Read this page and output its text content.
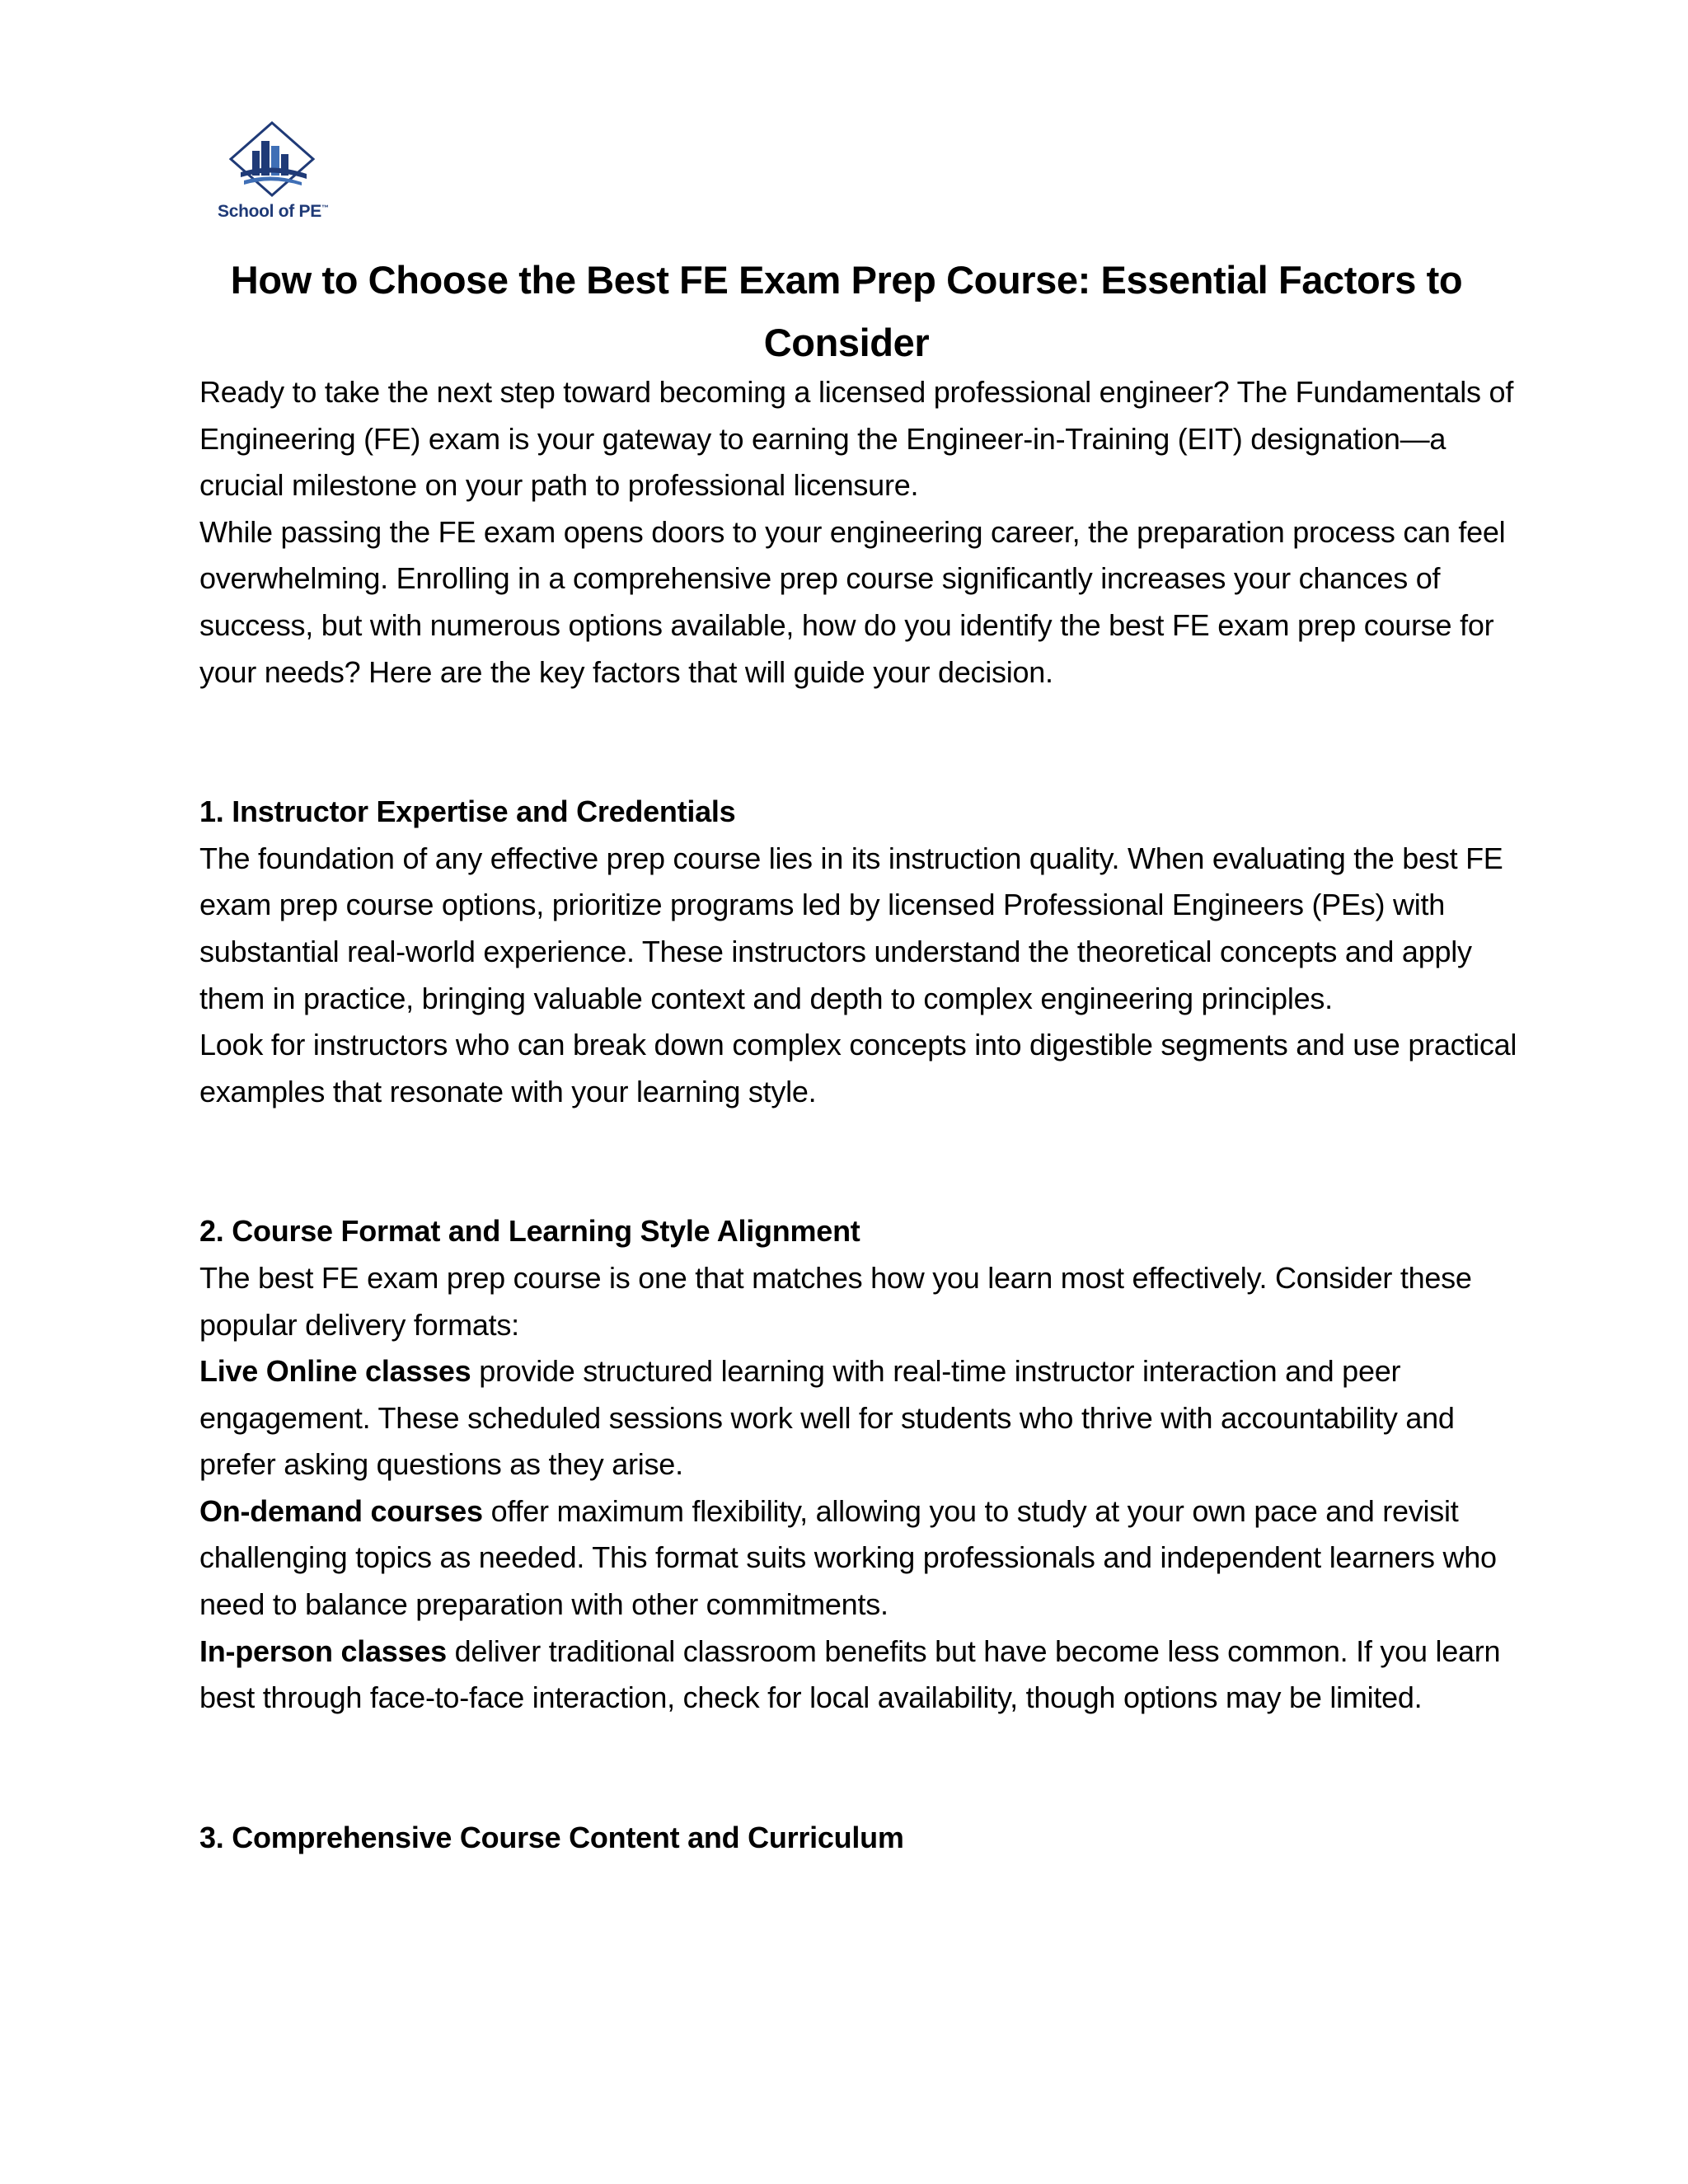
School of PE™
How to Choose the Best FE Exam Prep Course: Essential Factors to Consider

Ready to take the next step toward becoming a licensed professional engineer? The Fundamentals of Engineering (FE) exam is your gateway to earning the Engineer-in-Training (EIT) designation—a crucial milestone on your path to professional licensure.

While passing the FE exam opens doors to your engineering career, the preparation process can feel overwhelming. Enrolling in a comprehensive prep course significantly increases your chances of success, but with numerous options available, how do you identify the best FE exam prep course for your needs? Here are the key factors that will guide your decision.

1. Instructor Expertise and Credentials

The foundation of any effective prep course lies in its instruction quality. When evaluating the best FE exam prep course options, prioritize programs led by licensed Professional Engineers (PEs) with substantial real-world experience. These instructors understand the theoretical concepts and apply them in practice, bringing valuable context and depth to complex engineering principles.

Look for instructors who can break down complex concepts into digestible segments and use practical examples that resonate with your learning style.

2. Course Format and Learning Style Alignment

The best FE exam prep course is one that matches how you learn most effectively. Consider these popular delivery formats:

Live Online classes provide structured learning with real-time instructor interaction and peer engagement. These scheduled sessions work well for students who thrive with accountability and prefer asking questions as they arise.

On-demand courses offer maximum flexibility, allowing you to study at your own pace and revisit challenging topics as needed. This format suits working professionals and independent learners who need to balance preparation with other commitments.

In-person classes deliver traditional classroom benefits but have become less common. If you learn best through face-to-face interaction, check for local availability, though options may be limited.

3. Comprehensive Course Content and Curriculum
